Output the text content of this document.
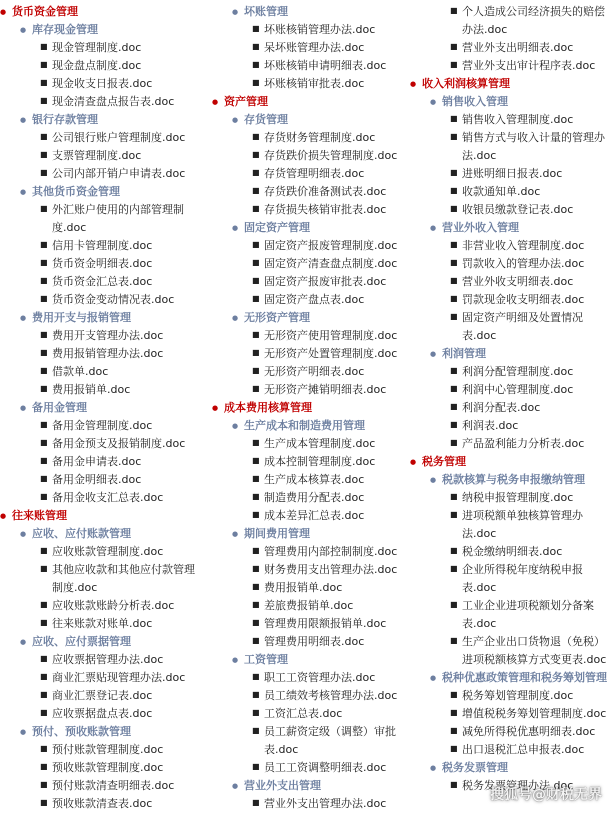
● 货币资金管理
● 库存现金管理
■ 现金管理制度.doc
■ 现金盘点制度.doc
■ 现金收支日报表.doc
■ 现金清查盘点报告表.doc
● 银行存款管理
■ 公司银行账户管理制度.doc
■ 支票管理制度.doc
■ 公司内部开销户申请表.doc
● 其他货币资金管理
■ 外汇账户使用的内部管理制
度.doc
■ 信用卡管理制度.doc
■ 货币资金明细表.doc
■ 货币资金汇总表.doc
■ 货币资金变动情况表.doc
● 费用开支与报销管理
■ 费用开支管理办法.doc
■ 费用报销管理办法.doc
■ 借款单.doc
■ 费用报销单.doc
● 备用金管理
■ 备用金管理制度.doc
■ 备用金预支及报销制度.doc
■ 备用金申请表.doc
■ 备用金明细表.doc
■ 备用金收支汇总表.doc
● 往来账管理
● 应收、应付账款管理
■ 应收账款管理制度.doc
■ 其他应收款和其他应付款管理
制度.doc
■ 应收账款账龄分析表.doc
■ 往来账款对账单.doc
● 应收、应付票据管理
■ 应收票据管理办法.doc
■ 商业汇票贴现管理办法.doc
■ 商业汇票登记表.doc
■ 应收票据盘点表.doc
● 预付、预收账款管理
■ 预付账款管理制度.doc
■ 预收账款管理制度.doc
■ 预付账款清查明细表.doc
■ 预收账款清查表.doc
● 坏账管理
■ 坏账核销管理办法.doc
■ 呆坏账管理办法.doc
■ 坏账核销申请明细表.doc
■ 坏账核销审批表.doc
● 资产管理
● 存货管理
■ 存货财务管理制度.doc
■ 存货跌价损失管理制度.doc
■ 存货管理明细表.doc
■ 存货跌价准备测试表.doc
■ 存货损失核销审批表.doc
● 固定资产管理
■ 固定资产报废管理制度.doc
■ 固定资产清查盘点制度.doc
■ 固定资产报废审批表.doc
■ 固定资产盘点表.doc
● 无形资产管理
■ 无形资产使用管理制度.doc
■ 无形资产处置管理制度.doc
■ 无形资产明细表.doc
■ 无形资产摊销明细表.doc
● 成本费用核算管理
● 生产成本和制造费用管理
■ 生产成本管理制度.doc
■ 成本控制管理制度.doc
■ 生产成本核算表.doc
■ 制造费用分配表.doc
■ 成本差异汇总表.doc
● 期间费用管理
■ 管理费用内部控制制度.doc
■ 财务费用支出管理办法.doc
■ 费用报销单.doc
■ 差旅费报销单.doc
■ 管理费用限额报销单.doc
■ 管理费用明细表.doc
● 工资管理
■ 职工工资管理办法.doc
■ 员工绩效考核管理办法.doc
■ 工资汇总表.doc
■ 员工薪资定级（调整）审批
表.doc
■ 员工工资调整明细表.doc
● 营业外支出管理
■ 营业外支出管理办法.doc
■ 个人造成公司经济损失的赔偿
办法.doc
■ 营业外支出明细表.doc
■ 营业外支出审计程序表.doc
● 收入利润核算管理
● 销售收入管理
■ 销售收入管理制度.doc
■ 销售方式与收入计量的管理办
法.doc
■ 进账明细日报表.doc
■ 收款通知单.doc
■ 收银员缴款登记表.doc
● 营业外收入管理
■ 非营业收入管理制度.doc
■ 罚款收入的管理办法.doc
■ 营业外收支明细表.doc
■ 罚款现金收支明细表.doc
■ 固定资产明细及处置情况
表.doc
● 利润管理
■ 利润分配管理制度.doc
■ 利润中心管理制度.doc
■ 利润分配表.doc
■ 利润表.doc
■ 产品盈利能力分析表.doc
● 税务管理
● 税款核算与税务申报缴纳管理
■ 纳税申报管理制度.doc
■ 进项税额单独核算管理办
法.doc
■ 税金缴纳明细表.doc
■ 企业所得税年度纳税申报
表.doc
■ 工业企业进项税额划分备案
表.doc
■ 生产企业出口货物退（免税）
进项税额核算方式变更表.doc
● 税种优惠政策管理和税务筹划管理
■ 税务筹划管理制度.doc
■ 增值税税务筹划管理制度.doc
■ 减免所得税优惠明细表.doc
■ 出口退税汇总申报表.doc
● 税务发票管理
■ 税务发票管理办法.doc
搜狐号@财税无界
